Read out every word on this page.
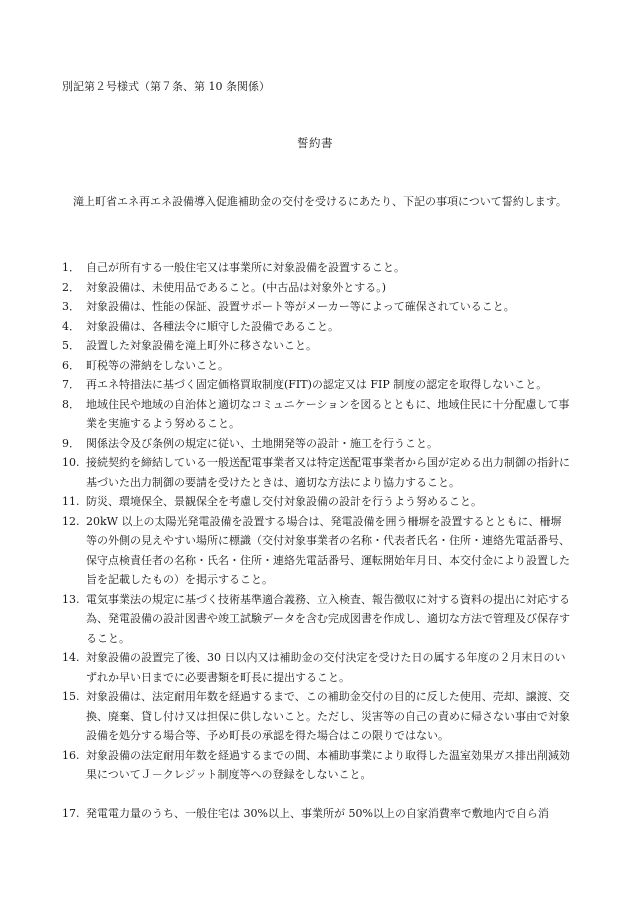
別記第２号様式（第７条、第 10 条関係）
誓約書
滝上町省エネ再エネ設備導入促進補助金の交付を受けるにあたり、下記の事項について誓約します。
1． 自己が所有する一般住宅又は事業所に対象設備を設置すること。
2． 対象設備は、未使用品であること。(中古品は対象外とする。)
3． 対象設備は、性能の保証、設置サポート等がメーカー等によって確保されていること。
4． 対象設備は、各種法令に順守した設備であること。
5． 設置した対象設備を滝上町外に移さないこと。
6． 町税等の滞納をしないこと。
7． 再エネ特措法に基づく固定価格買取制度(FIT)の認定又は FIP 制度の認定を取得しないこと。
8． 地域住民や地域の自治体と適切なコミュニケーションを図るとともに、地域住民に十分配慮して事業を実施するよう努めること。
9． 関係法令及び条例の規定に従い、土地開発等の設計・施工を行うこと。
10. 接続契約を締結している一般送配電事業者又は特定送配電事業者から国が定める出力制御の指針に基づいた出力制御の要請を受けたときは、適切な方法により協力すること。
11. 防災、環境保全、景観保全を考慮し交付対象設備の設計を行うよう努めること。
12. 20kW 以上の太陽光発電設備を設置する場合は、発電設備を囲う柵塀を設置するとともに、柵塀等の外側の見えやすい場所に標識（交付対象事業者の名称・代表者氏名・住所・連絡先電話番号、保守点検責任者の名称・氏名・住所・連絡先電話番号、運転開始年月日、本交付金により設置した旨を記載したもの）を掲示すること。
13. 電気事業法の規定に基づく技術基準適合義務、立入検査、報告徴収に対する資料の提出に対応する為、発電設備の設計図書や竣工試験データを含む完成図書を作成し、適切な方法で管理及び保存すること。
14. 対象設備の設置完了後、30 日以内又は補助金の交付決定を受けた日の属する年度の２月末日のいずれか早い日までに必要書類を町長に提出すること。
15. 対象設備は、法定耐用年数を経過するまで、この補助金交付の目的に反した使用、売却、譲渡、交換、廃棄、貸し付け又は担保に供しないこと。ただし、災害等の自己の責めに帰さない事由で対象設備を処分する場合等、予め町長の承認を得た場合はこの限りではない。
16. 対象設備の法定耐用年数を経過するまでの間、本補助事業により取得した温室効果ガス排出削減効果についてＪ－クレジット制度等への登録をしないこと。
17. 発電電力量のうち、一般住宅は 30%以上、事業所が 50%以上の自家消費率で敷地内で自ら消
